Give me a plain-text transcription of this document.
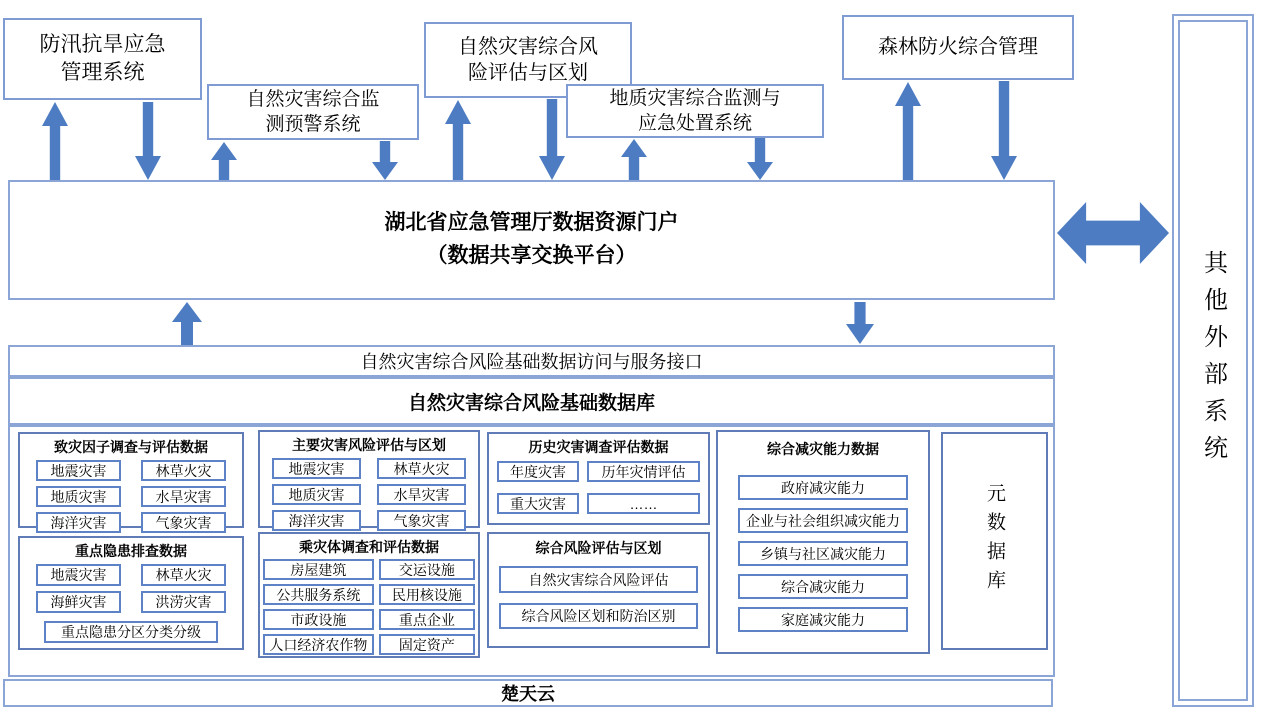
防汛抗旱应急
管理系统
自然灾害综合监
测预警系统
自然灾害综合风
险评估与区划
地质灾害综合监测与
应急处置系统
森林防火综合管理
湖北省应急管理厅数据资源门户
（数据共享交换平台）
自然灾害综合风险基础数据访问与服务接口
自然灾害综合风险基础数据库
致灾因子调查与评估数据
地震灾害	林草火灾
地质灾害	水旱灾害
海洋灾害	气象灾害
重点隐患排查数据
地震灾害	林草火灾
海鲜灾害	洪涝灾害
重点隐患分区分类分级
主要灾害风险评估与区划
地震灾害	林草火灾
地质灾害	水旱灾害
海洋灾害	气象灾害
乘灾体调查和评估数据
房屋建筑	交运设施
公共服务系统	民用核设施
市政设施	重点企业
人口经济农作物	固定资产
历史灾害调查评估数据
年度灾害	历年灾情评估
重大灾害	……
综合风险评估与区划
自然灾害综合风险评估
综合风险区划和防治区别
综合减灾能力数据
政府减灾能力
企业与社会组织减灾能力
乡镇与社区减灾能力
综合减灾能力
家庭减灾能力
元数据库
楚天云
其他外部系统
